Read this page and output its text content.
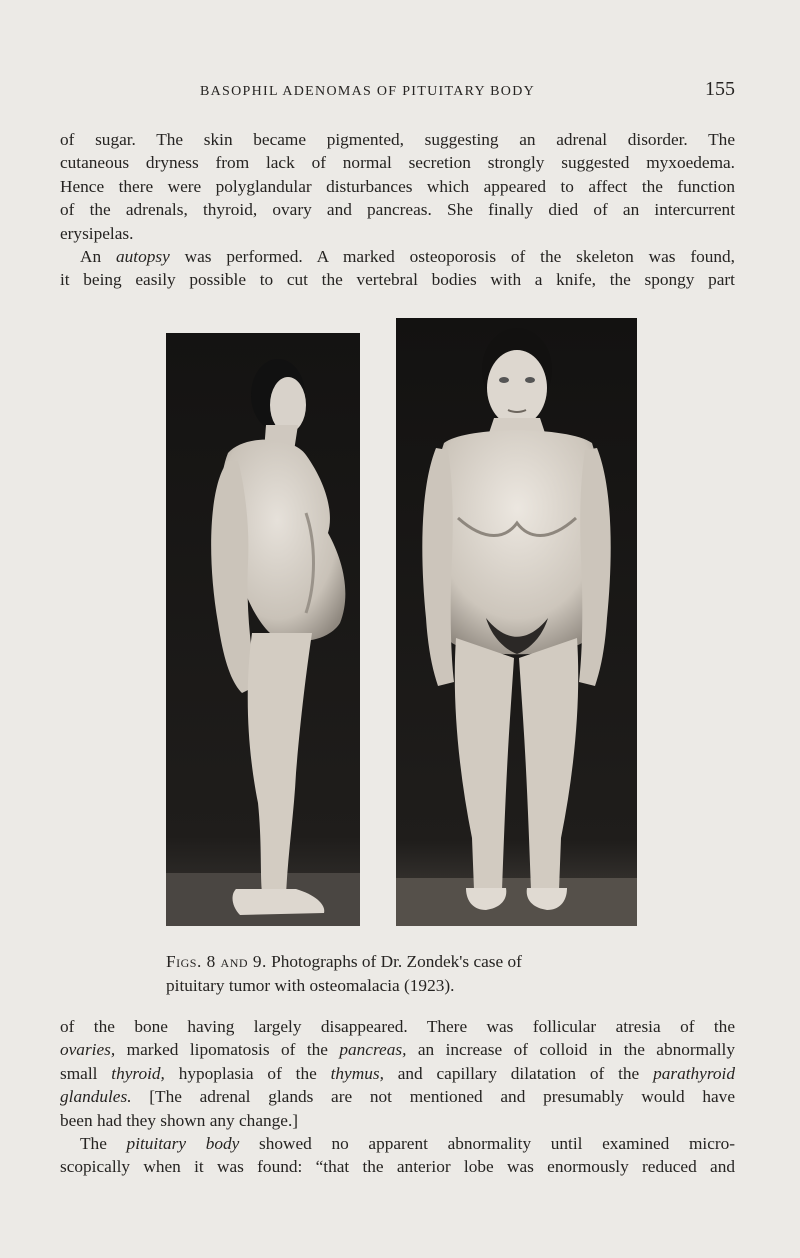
BASOPHIL ADENOMAS OF PITUITARY BODY	155
of sugar. The skin became pigmented, suggesting an adrenal disorder. The
cutaneous dryness from lack of normal secretion strongly suggested myxoedema.
Hence there were polyglandular disturbances which appeared to affect the function
of the adrenals, thyroid, ovary and pancreas. She finally died of an intercurrent
erysipelas.
An autopsy was performed. A marked osteoporosis of the skeleton was found,
it being easily possible to cut the vertebral bodies with a knife, the spongy part
Figs. 8 and 9. Photographs of Dr. Zondek's case of
pituitary tumor with osteomalacia (1923).
of the bone having largely disappeared. There was follicular atresia of the
ovaries, marked lipomatosis of the pancreas, an increase of colloid in the abnormally
small thyroid, hypoplasia of the thymus, and capillary dilatation of the parathyroid
glandules. [The adrenal glands are not mentioned and presumably would have
been had they shown any change.]
The pituitary body showed no apparent abnormality until examined micro-
scopically when it was found: “that the anterior lobe was enormously reduced and
